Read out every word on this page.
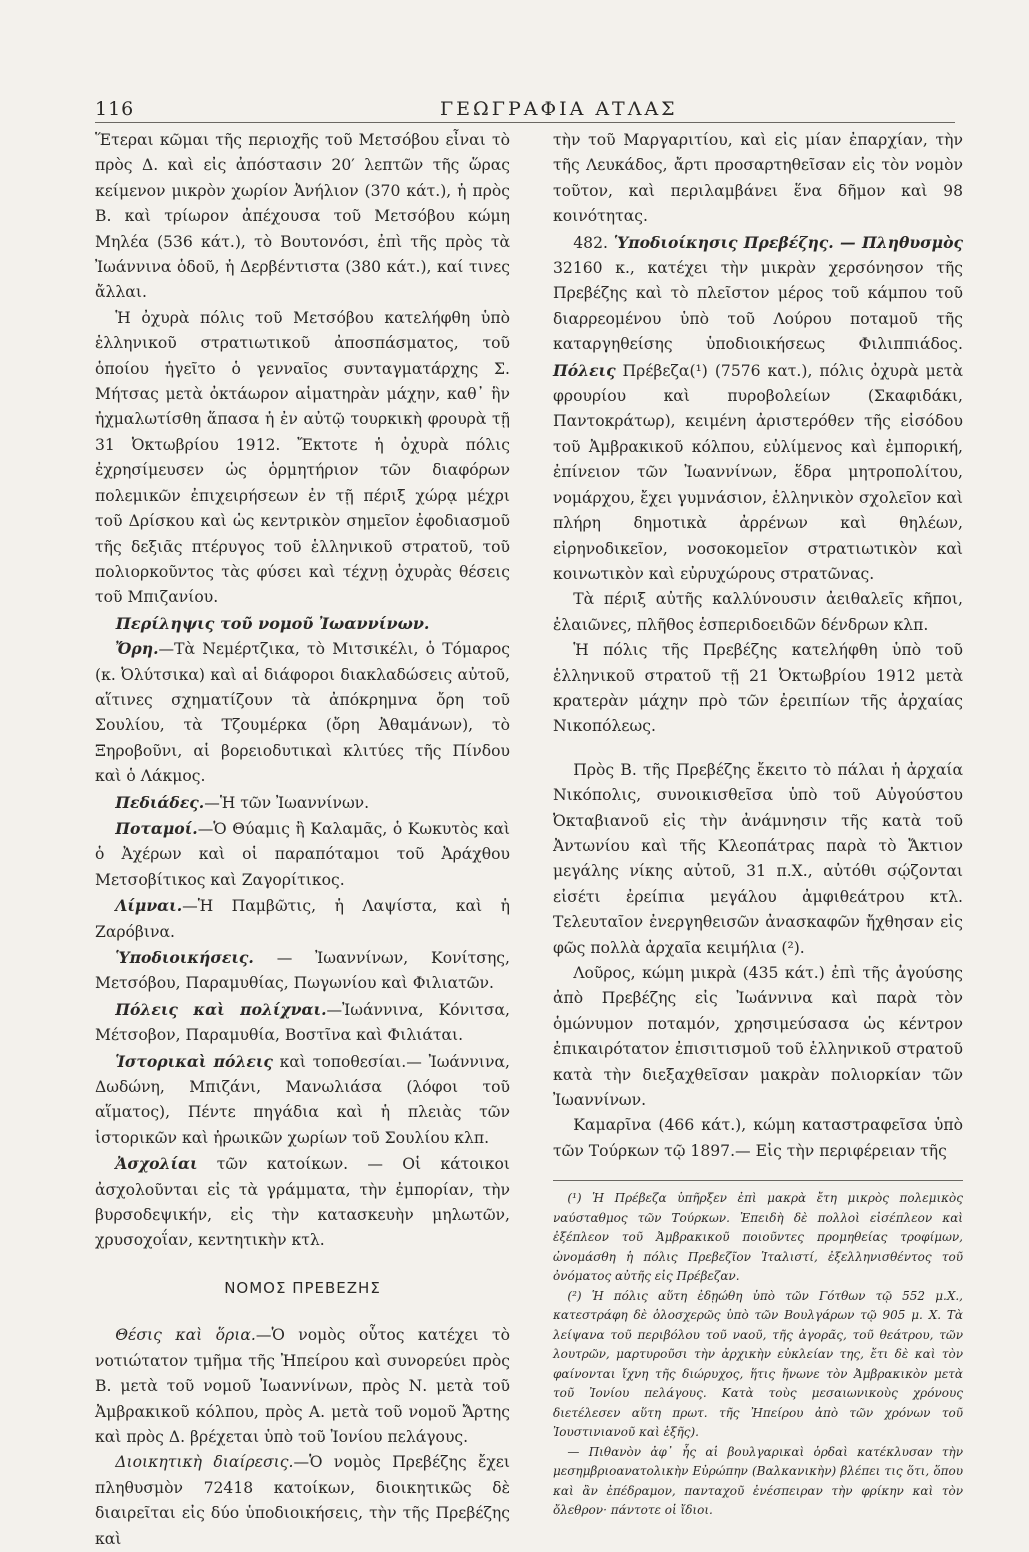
116	ΓΕΩΓΡΑΦΙΑ ΑΤΛΑΣ

Ἕτεραι κῶμαι τῆς περιοχῆς τοῦ Μετσόβου εἶναι τὸ πρὸς Δ. καὶ εἰς ἀπόστασιν 20′ λεπτῶν τῆς ὥρας κείμενον μικρὸν χωρίον Ἀνήλιον (370 κάτ.), ἡ πρὸς Β. καὶ τρίωρον ἀπέχουσα τοῦ Μετσόβου κώμη Μηλέα (536 κάτ.), τὸ Βουτονόσι, ἐπὶ τῆς πρὸς τὰ Ἰωάννινα ὁδοῦ, ἡ Δερβέντιστα (380 κάτ.), καί τινες ἄλλαι.

Ἡ ὀχυρὰ πόλις τοῦ Μετσόβου κατελήφθη ὑπὸ ἑλληνικοῦ στρατιωτικοῦ ἀποσπάσματος, τοῦ ὁποίου ἡγεῖτο ὁ γενναῖος συνταγματάρχης Σ. Μήτσας μετὰ ὀκτάωρον αἱματηρὰν μάχην, καθ᾽ ἣν ἠχμαλωτίσθη ἅπασα ἡ ἐν αὐτῷ τουρκικὴ φρουρὰ τῇ 31 Ὀκτωβρίου 1912. Ἔκτοτε ἡ ὀχυρὰ πόλις ἐχρησίμευσεν ὡς ὁρμητήριον τῶν διαφόρων πολεμικῶν ἐπιχειρήσεων ἐν τῇ πέριξ χώρᾳ μέχρι τοῦ Δρίσκου καὶ ὡς κεντρικὸν σημεῖον ἐφοδιασμοῦ τῆς δεξιᾶς πτέρυγος τοῦ ἑλληνικοῦ στρατοῦ, τοῦ πολιορκοῦντος τὰς φύσει καὶ τέχνῃ ὀχυρὰς θέσεις τοῦ Μπιζανίου.

Περίληψις τοῦ νομοῦ Ἰωαννίνων.

Ὄρη.—Τὰ Νεμέρτζικα, τὸ Μιτσικέλι, ὁ Τόμαρος (κ. Ὀλύτσικα) καὶ αἱ διάφοροι διακλαδώσεις αὐτοῦ, αἵτινες σχηματίζουν τὰ ἀπόκρημνα ὄρη τοῦ Σουλίου, τὰ Τζουμέρκα (ὄρη Ἀθαμάνων), τὸ Ξηροβοῦνι, αἱ βορειοδυτικαὶ κλιτύες τῆς Πίνδου καὶ ὁ Λάκμος.

Πεδιάδες.—Ἡ τῶν Ἰωαννίνων.

Ποταμοί.—Ὁ Θύαμις ἢ Καλαμᾶς, ὁ Κωκυτὸς καὶ ὁ Ἀχέρων καὶ οἱ παραπόταμοι τοῦ Ἀράχθου Μετσοβίτικος καὶ Ζαγορίτικος.

Λίμναι.—Ἡ Παμβῶτις, ἡ Λαψίστα, καὶ ἡ Ζαρόβινα.

Ὑποδιοικήσεις. — Ἰωαννίνων, Κονίτσης, Μετσόβου, Παραμυθίας, Πωγωνίου καὶ Φιλιατῶν.

Πόλεις καὶ πολίχναι.—Ἰωάννινα, Κόνιτσα, Μέτσοβον, Παραμυθία, Βοστῖνα καὶ Φιλιάται.

Ἱστορικαὶ πόλεις καὶ τοποθεσίαι.— Ἰωάννινα, Δωδώνη, Μπιζάνι, Μανωλιάσα (λόφοι τοῦ αἵματος), Πέντε πηγάδια καὶ ἡ πλειὰς τῶν ἱστορικῶν καὶ ἡρωικῶν χωρίων τοῦ Σουλίου κλπ.

Ἀσχολίαι τῶν κατοίκων. — Οἱ κάτοικοι ἀσχολοῦνται εἰς τὰ γράμματα, τὴν ἐμπορίαν, τὴν βυρσοδεψικήν, εἰς τὴν κατασκευὴν μηλωτῶν, χρυσοχοΐαν, κεντητικὴν κτλ.

ΝΟΜΟΣ ΠΡΕΒΕΖΗΣ

Θέσις καὶ ὅρια.—Ὁ νομὸς οὗτος κατέχει τὸ νοτιώτατον τμῆμα τῆς Ἠπείρου καὶ συνορεύει πρὸς Β. μετὰ τοῦ νομοῦ Ἰωαννίνων, πρὸς Ν. μετὰ τοῦ Ἀμβρακικοῦ κόλπου, πρὸς Α. μετὰ τοῦ νομοῦ Ἄρτης καὶ πρὸς Δ. βρέχεται ὑπὸ τοῦ Ἰονίου πελάγους.

Διοικητικὴ διαίρεσις.—Ὁ νομὸς Πρεβέζης ἔχει πληθυσμὸν 72418 κατοίκων, διοικητικῶς δὲ διαιρεῖται εἰς δύο ὑποδιοικήσεις, τὴν τῆς Πρεβέζης καὶ

τὴν τοῦ Μαργαριτίου, καὶ εἰς μίαν ἐπαρχίαν, τὴν τῆς Λευκάδος, ἄρτι προσαρτηθεῖσαν εἰς τὸν νομὸν τοῦτον, καὶ περιλαμβάνει ἕνα δῆμον καὶ 98 κοινότητας.

482. Ὑποδιοίκησις Πρεβέζης. — Πληθυσμὸς 32160 κ., κατέχει τὴν μικρὰν χερσόνησον τῆς Πρεβέζης καὶ τὸ πλεῖστον μέρος τοῦ κάμπου τοῦ διαρρεομένου ὑπὸ τοῦ Λούρου ποταμοῦ τῆς καταργηθείσης ὑποδιοικήσεως Φιλιππιάδος. Πόλεις Πρέβεζα(¹) (7576 κατ.), πόλις ὀχυρὰ μετὰ φρουρίου καὶ πυροβολείων (Σκαφιδάκι, Παντοκράτωρ), κειμένη ἀριστερόθεν τῆς εἰσόδου τοῦ Ἀμβρακικοῦ κόλπου, εὐλίμενος καὶ ἐμπορική, ἐπίνειον τῶν Ἰωαννίνων, ἕδρα μητροπολίτου, νομάρχου, ἔχει γυμνάσιον, ἑλληνικὸν σχολεῖον καὶ πλήρη δημοτικὰ ἀρρένων καὶ θηλέων, εἰρηνοδικεῖον, νοσοκομεῖον στρατιωτικὸν καὶ κοινωτικὸν καὶ εὐρυχώρους στρατῶνας.

Τὰ πέριξ αὐτῆς καλλύνουσιν ἀειθαλεῖς κῆποι, ἐλαιῶνες, πλῆθος ἑσπεριδοειδῶν δένδρων κλπ.

Ἡ πόλις τῆς Πρεβέζης κατελήφθη ὑπὸ τοῦ ἑλληνικοῦ στρατοῦ τῇ 21 Ὀκτωβρίου 1912 μετὰ κρατερὰν μάχην πρὸ τῶν ἐρειπίων τῆς ἀρχαίας Νικοπόλεως.

Πρὸς Β. τῆς Πρεβέζης ἔκειτο τὸ πάλαι ἡ ἀρχαία Νικόπολις, συνοικισθεῖσα ὑπὸ τοῦ Αὐγούστου Ὀκταβιανοῦ εἰς τὴν ἀνάμνησιν τῆς κατὰ τοῦ Ἀντωνίου καὶ τῆς Κλεοπάτρας παρὰ τὸ Ἄκτιον μεγάλης νίκης αὐτοῦ, 31 π.Χ., αὐτόθι σῴζονται εἰσέτι ἐρείπια μεγάλου ἀμφιθεάτρου κτλ. Τελευταῖον ἐνεργηθεισῶν ἀνασκαφῶν ἤχθησαν εἰς φῶς πολλὰ ἀρχαῖα κειμήλια (²).

Λοῦρος, κώμη μικρὰ (435 κάτ.) ἐπὶ τῆς ἀγούσης ἀπὸ Πρεβέζης εἰς Ἰωάννινα καὶ παρὰ τὸν ὁμώνυμον ποταμόν, χρησιμεύσασα ὡς κέντρον ἐπικαιρότατον ἐπισιτισμοῦ τοῦ ἑλληνικοῦ στρατοῦ κατὰ τὴν διεξαχθεῖσαν μακρὰν πολιορκίαν τῶν Ἰωαννίνων.

Καμαρῖνα (466 κάτ.), κώμη καταστραφεῖσα ὑπὸ τῶν Τούρκων τῷ 1897.— Εἰς τὴν περιφέρειαν τῆς

(¹) Ἡ Πρέβεζα ὑπῆρξεν ἐπὶ μακρὰ ἔτη μικρὸς πολεμικὸς ναύσταθμος τῶν Τούρκων. Ἐπειδὴ δὲ πολλοὶ εἰσέπλεον καὶ ἐξέπλεον τοῦ Ἀμβρακικοῦ ποιοῦντες προμηθείας τροφίμων, ὠνομάσθη ἡ πόλις Πρεβεζῖον Ἰταλιστί, ἐξελληνισθέντος τοῦ ὀνόματος αὐτῆς εἰς Πρέβεζαν.

(²) Ἡ πόλις αὕτη ἐδῃώθη ὑπὸ τῶν Γότθων τῷ 552 μ.Χ., κατεστράφη δὲ ὁλοσχερῶς ὑπὸ τῶν Βουλγάρων τῷ 905 μ. Χ. Τὰ λείψανα τοῦ περιβόλου τοῦ ναοῦ, τῆς ἀγορᾶς, τοῦ θεάτρου, τῶν λουτρῶν, μαρτυροῦσι τὴν ἀρχικὴν εὐκλείαν της, ἔτι δὲ καὶ τὸν φαίνονται ἴχνη τῆς διώρυχος, ἥτις ἤνωνε τὸν Ἀμβρακικὸν μετὰ τοῦ Ἰονίου πελάγους. Κατὰ τοὺς μεσαιωνικοὺς χρόνους διετέλεσεν αὕτη πρωτ. τῆς Ἠπείρου ἀπὸ τῶν χρόνων τοῦ Ἰουστινιανοῦ καὶ ἑξῆς).

— Πιθανὸν ἀφ᾽ ἧς αἱ βουλγαρικαὶ ὁρδαὶ κατέκλυσαν τὴν μεσημβριοανατολικὴν Εὐρώπην (Βαλκανικὴν) βλέπει τις ὅτι, ὅπου καὶ ἂν ἐπέδραμον, πανταχοῦ ἐνέσπειραν τὴν φρίκην καὶ τὸν ὄλεθρον· πάντοτε οἱ ἴδιοι.
